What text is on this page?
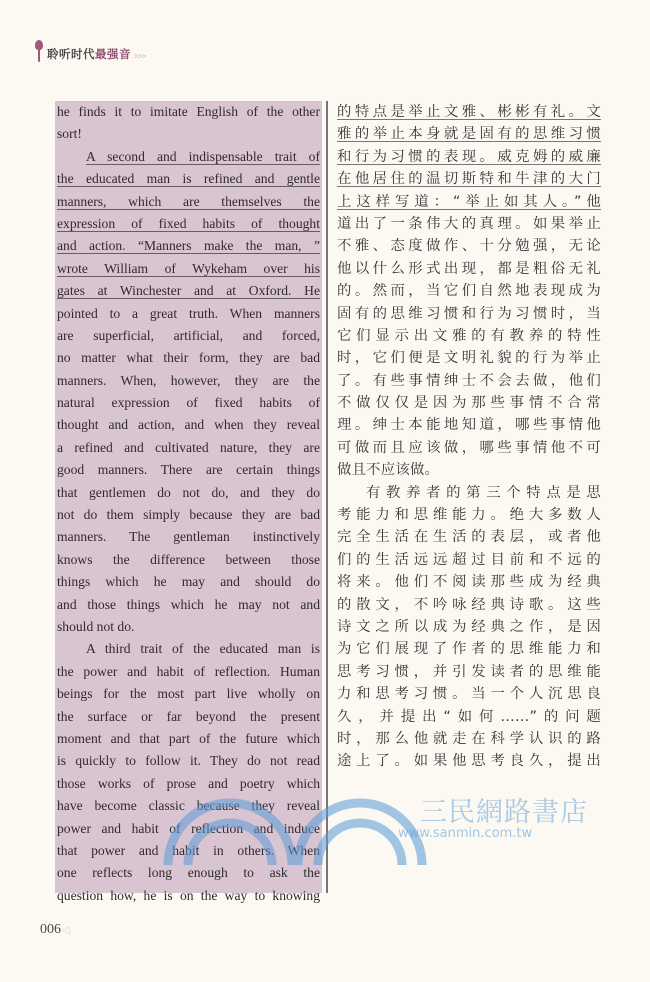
聆听时代 最强音 >>>
he finds it to imitate English of the other
sort!
A second and indispensable trait of
the educated man is refined and gentle
manners, which are themselves the
expression of fixed habits of thought
and action. “Manners make the man, ”
wrote William of Wykeham over his
gates at Winchester and at Oxford. He
pointed to a great truth. When manners
are superficial, artificial, and forced,
no matter what their form, they are bad
manners. When, however, they are the
natural expression of fixed habits of
thought and action, and when they reveal
a refined and cultivated nature, they are
good manners. There are certain things
that gentlemen do not do, and they do
not do them simply because they are bad
manners. The gentleman instinctively
knows the difference between those
things which he may and should do
and those things which he may not and
should not do.
A third trait of the educated man is
the power and habit of reflection. Human
beings for the most part live wholly on
the surface or far beyond the present
moment and that part of the future which
is quickly to follow it. They do not read
those works of prose and poetry which
have become classic because they reveal
power and habit of reflection and induce
that power and habit in others. When
one reflects long enough to ask the
question how, he is on the way to knowing
的特点是举止文雅、彬彬有礼。文
雅的举止本身就是固有的思维习惯
和行为习惯的表现。威克姆的威廉
在他居住的温切斯特和牛津的大门
上这样写道：“举止如其人。”他
道出了一条伟大的真理。如果举止
不雅、态度做作、十分勉强，无论
他以什么形式出现，都是粗俗无礼
的。然而，当它们自然地表现成为
固有的思维习惯和行为习惯时，当
它们显示出文雅的有教养的特性
时，它们便是文明礼貌的行为举止
了。有些事情绅士不会去做，他们
不做仅仅是因为那些事情不合常
理。绅士本能地知道，哪些事情他
可做而且应该做，哪些事情他不可
做且不应该做。
有教养者的第三个特点是思
考能力和思维能力。绝大多数人
完全生活在生活的表层，或者他
们的生活远远超过目前和不远的
将来。他们不阅读那些成为经典
的散文，不吟咏经典诗歌。这些
诗文之所以成为经典之作，是因
为它们展现了作者的思维能力和
思考习惯，并引发读者的思维能
力和思考习惯。当一个人沉思良
久，并提出“如何……”的问题
时，那么他就走在科学认识的路
途上了。如果他思考良久，提出
三民網路書店
www.sanmin.com.tw
006◁
